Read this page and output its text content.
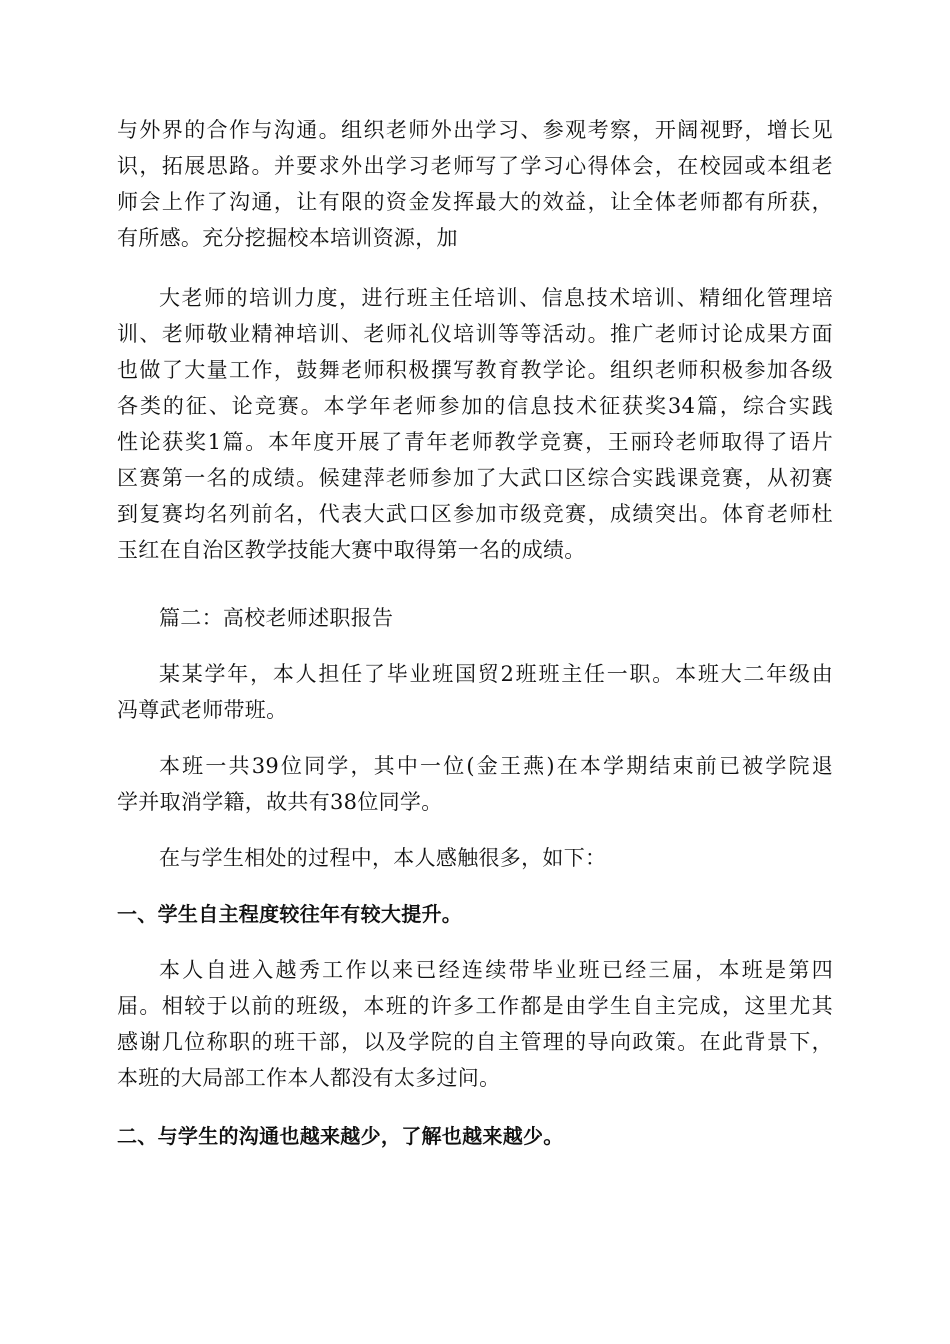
与外界的合作与沟通。组织老师外出学习、参观考察，开阔视野，增长见
识，拓展思路。并要求外出学习老师写了学习心得体会，在校园或本组老
师会上作了沟通，让有限的资金发挥最大的效益，让全体老师都有所获，
有所感。充分挖掘校本培训资源，加
大老师的培训力度，进行班主任培训、信息技术培训、精细化管理培
训、老师敬业精神培训、老师礼仪培训等等活动。推广老师讨论成果方面
也做了大量工作，鼓舞老师积极撰写教育教学论。组织老师积极参加各级
各类的征、论竞赛。本学年老师参加的信息技术征获奖34篇，综合实践
性论获奖1篇。本年度开展了青年老师教学竞赛，王丽玲老师取得了语片
区赛第一名的成绩。候建萍老师参加了大武口区综合实践课竞赛，从初赛
到复赛均名列前名，代表大武口区参加市级竞赛，成绩突出。体育老师杜
玉红在自治区教学技能大赛中取得第一名的成绩。
篇二：高校老师述职报告
某某学年，本人担任了毕业班国贸2班班主任一职。本班大二年级由
冯尊武老师带班。
本班一共39位同学，其中一位(金王燕)在本学期结束前已被学院退
学并取消学籍，故共有38位同学。
在与学生相处的过程中，本人感触很多，如下：
一、学生自主程度较往年有较大提升。
本人自进入越秀工作以来已经连续带毕业班已经三届，本班是第四
届。相较于以前的班级，本班的许多工作都是由学生自主完成，这里尤其
感谢几位称职的班干部，以及学院的自主管理的导向政策。在此背景下，
本班的大局部工作本人都没有太多过问。
二、与学生的沟通也越来越少，了解也越来越少。
